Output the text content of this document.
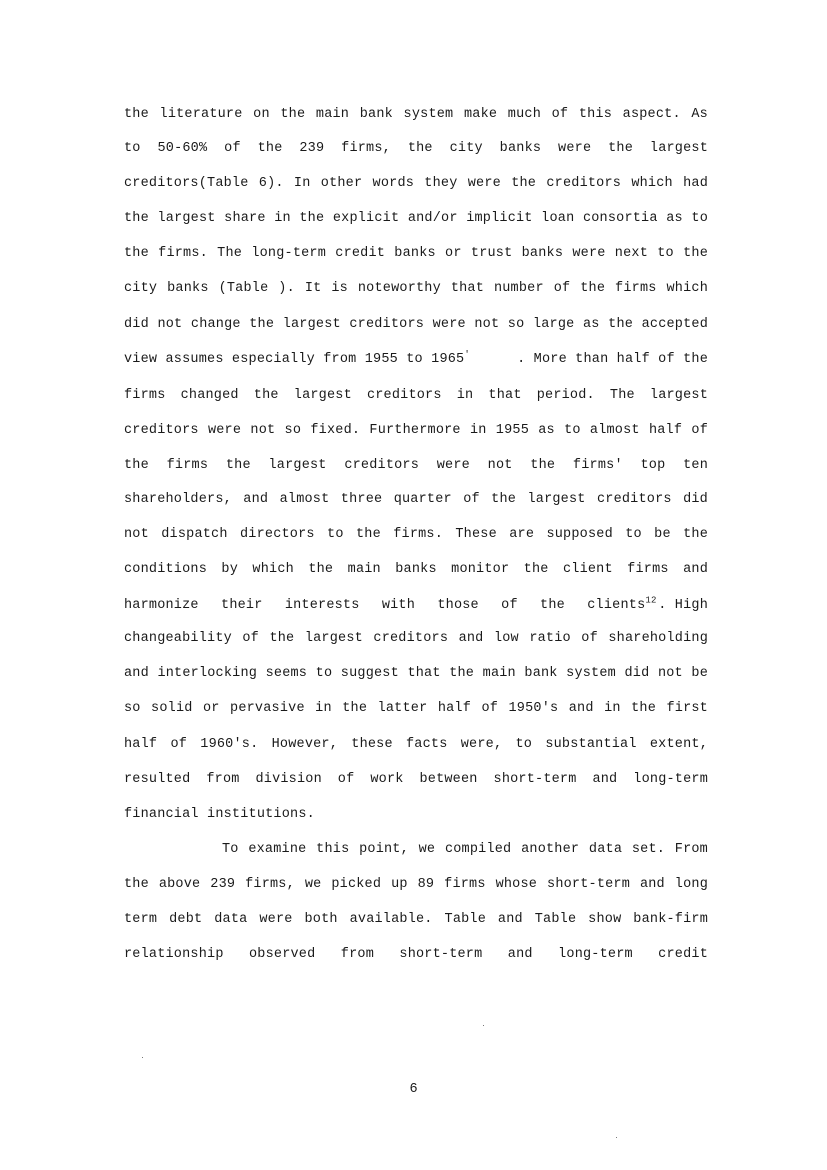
the literature on the main bank system make much of this aspect. As
to 50-60% of the 239 firms, the city banks were the largest
creditors(Table 6). In other words they were the creditors which had
the largest share in the explicit and/or implicit loan consortia as to
the firms. The long-term credit banks or trust banks were next to the
city banks (Table ). It is noteworthy that number of the firms which
did not change the largest creditors were not so large as the accepted
view assumes especially from 1955 to 1965'	. More than half of the
firms changed the largest creditors in that period. The largest
creditors were not so fixed. Furthermore in 1955 as to almost half of
the firms the largest creditors were not the firms' top ten
shareholders, and almost three quarter of the largest creditors did
not dispatch directors to the firms. These are supposed to be the
conditions by which the main banks monitor the client firms and
harmonize their interests with those of the clients$^{12}$ . High
changeability of the largest creditors and low ratio of shareholding
and interlocking seems to suggest that the main bank system did not be
so solid or pervasive in the latter half of 1950's and in the first
half of 1960's. However, these facts were, to substantial extent,
resulted from division of work between short-term and long-term
financial institutions.
To examine this point, we compiled another data set. From
the above 239 firms, we picked up 89 firms whose short-term and long
term debt data were both available. Table and Table show bank-firm
relationship observed from short-term and long-term credit
6
